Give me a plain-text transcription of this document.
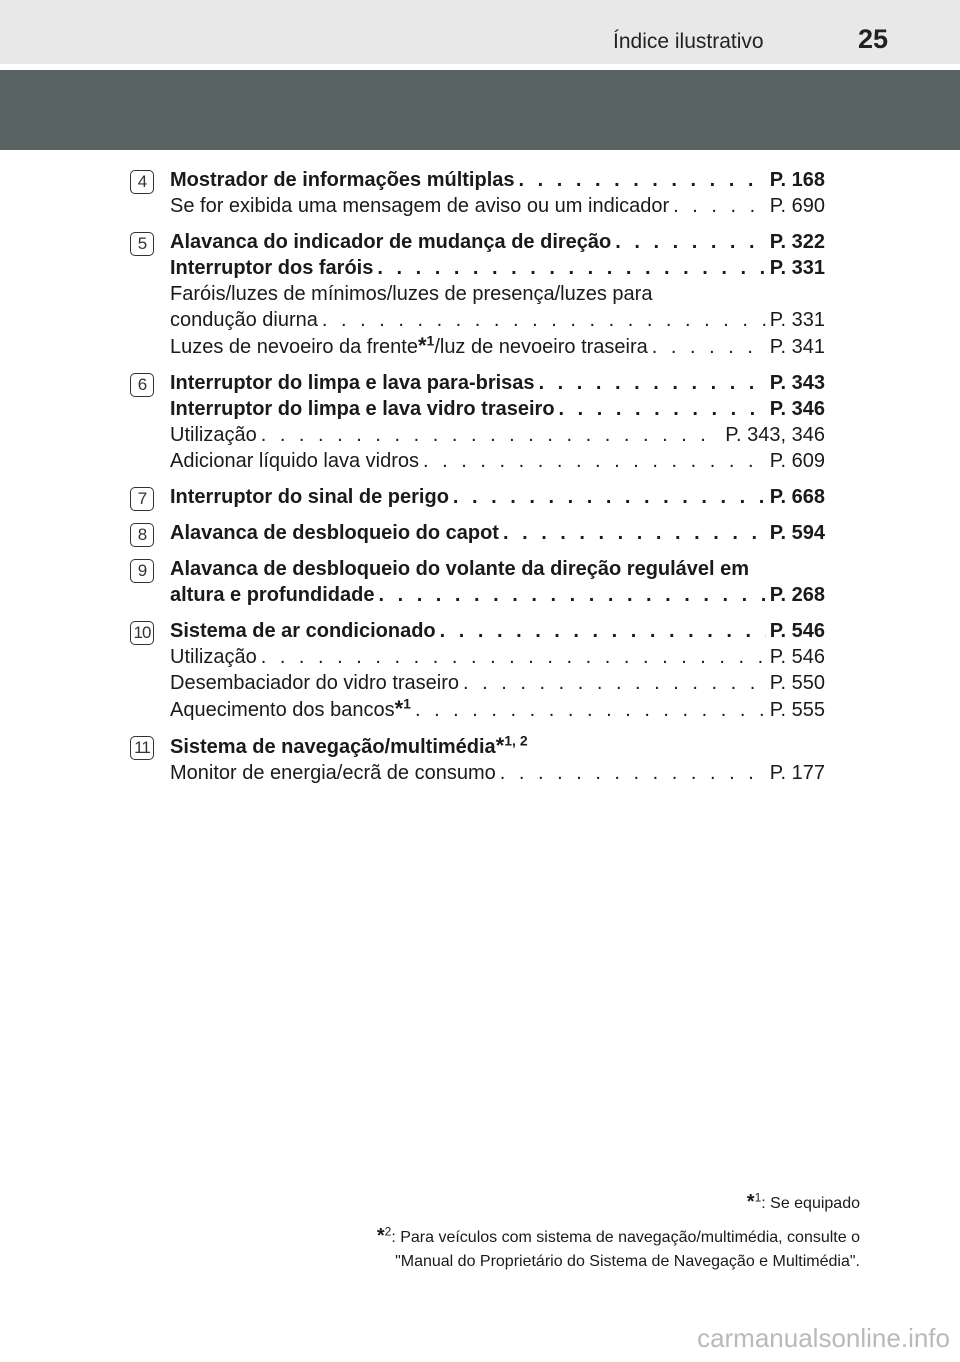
Índice ilustrativo	25
4	Mostrador de informações múltiplas . . .	P. 168
Se for exibida uma mensagem de aviso ou um indicador . . .	P. 690
5	Alavanca do indicador de mudança de direção . . .	P. 322
Interruptor dos faróis . . .	P. 331
Faróis/luzes de mínimos/luzes de presença/luzes para
condução diurna . . .	P. 331
Luzes de nevoeiro da frente*$^1$/luz de nevoeiro traseira . . .	P. 341
6	Interruptor do limpa e lava para-brisas . . .	P. 343
Interruptor do limpa e lava vidro traseiro . . .	P. 346
Utilização . . .	P. 343, 346
Adicionar líquido lava vidros . . .	P. 609
7	Interruptor do sinal de perigo . . .	P. 668
8	Alavanca de desbloqueio do capot . . .	P. 594
9	Alavanca de desbloqueio do volante da direção regulável em
altura e profundidade . . .	P. 268
10 Sistema de ar condicionado . . .	P. 546
Utilização . . .	P. 546
Desembaciador do vidro traseiro . . .	P. 550
Aquecimento dos bancos*$^1$ . . .	P. 555
11 Sistema de navegação/multimédia*$^{1, 2}$
Monitor de energia/ecrã de consumo . . .	P. 177
*$^1$: Se equipado
*$^2$: Para veículos com sistema de navegação/multimédia, consulte o
"Manual do Proprietário do Sistema de Navegação e Multimédia".
carmanualsonline.info
